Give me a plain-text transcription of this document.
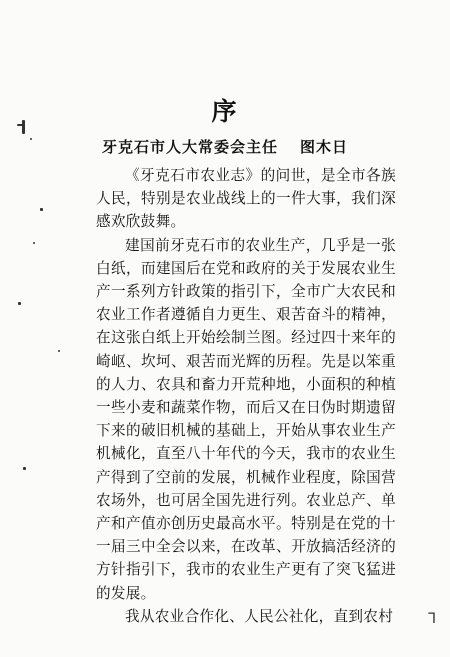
序
牙克石市人大常委会主任 图木日

《牙克石市农业志》的问世，是全市各族人民，特别是农业战线上的一件大事，我们深感欢欣鼓舞。

建国前牙克石市的农业生产，几乎是一张白纸，而建国后在党和政府的关于发展农业生产一系列方针政策的指引下，全市广大农民和农业工作者遵循自力更生、艰苦奋斗的精神，在这张白纸上开始绘制兰图。经过四十来年的崎岖、坎坷、艰苦而光辉的历程。先是以笨重的人力、农具和畜力开荒种地，小面积的种植一些小麦和蔬菜作物，而后又在日伪时期遗留下来的破旧机械的基础上，开始从事农业生产机械化，直至八十年代的今天，我市的农业生产得到了空前的发展，机械作业程度，除国营农场外，也可居全国先进行列。农业总产、单产和产值亦创历史最高水平。特别是在党的十一届三中全会以来，在改革、开放搞活经济的方针指引下，我市的农业生产更有了突飞猛进的发展。

我从农业合作化、人民公社化，直到农村 ᒣ
